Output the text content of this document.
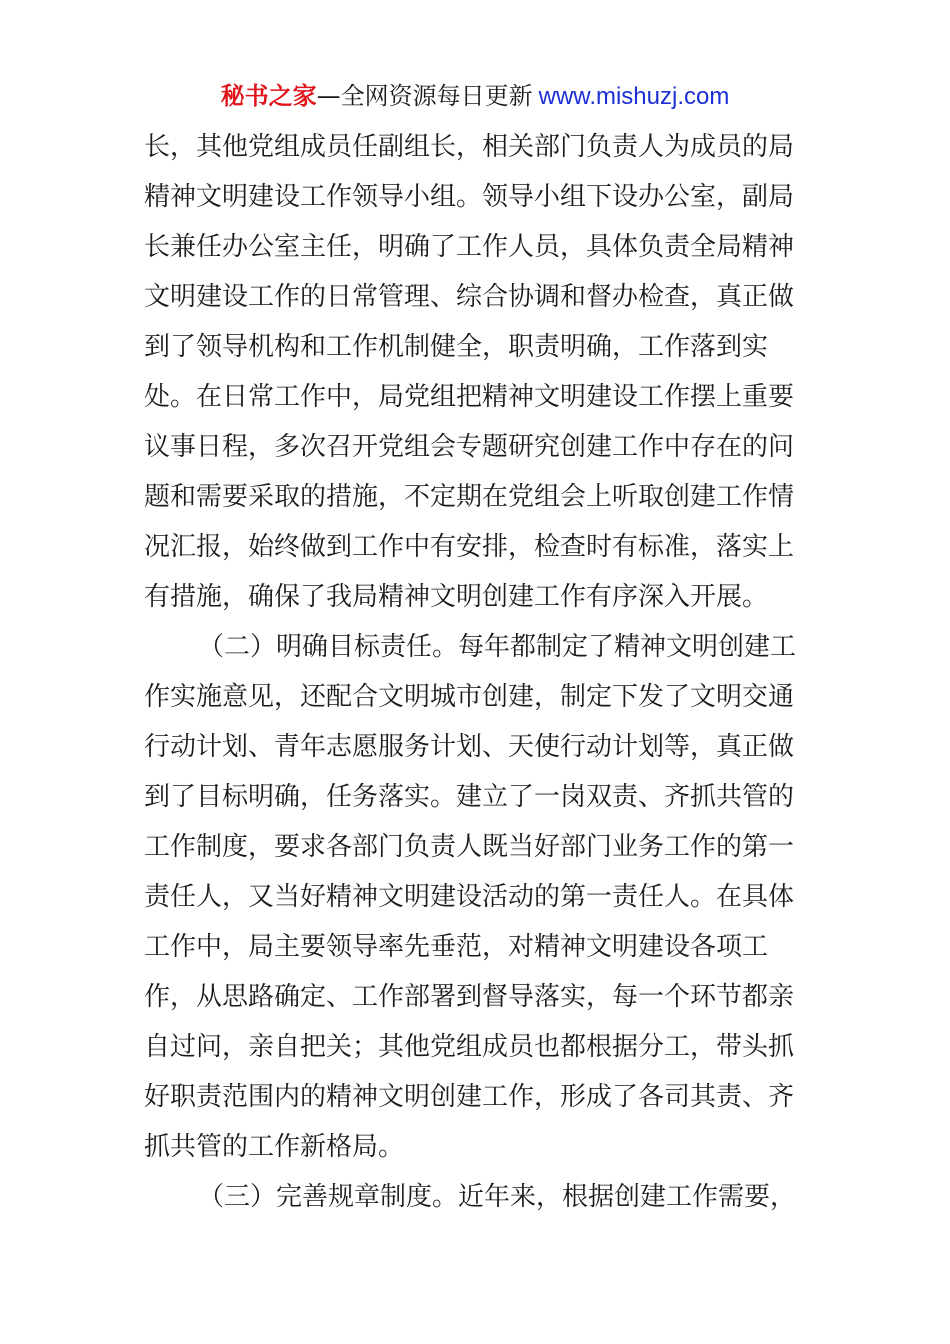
秘书之家—全网资源每日更新 www.mishuzj.com
长，其他党组成员任副组长，相关部门负责人为成员的局
精神文明建设工作领导小组。领导小组下设办公室，副局
长兼任办公室主任，明确了工作人员，具体负责全局精神
文明建设工作的日常管理、综合协调和督办检查，真正做
到了领导机构和工作机制健全，职责明确，工作落到实
处。在日常工作中，局党组把精神文明建设工作摆上重要
议事日程，多次召开党组会专题研究创建工作中存在的问
题和需要采取的措施，不定期在党组会上听取创建工作情
况汇报，始终做到工作中有安排，检查时有标准，落实上
有措施，确保了我局精神文明创建工作有序深入开展。
（二）明确目标责任。每年都制定了精神文明创建工
作实施意见，还配合文明城市创建，制定下发了文明交通
行动计划、青年志愿服务计划、天使行动计划等，真正做
到了目标明确，任务落实。建立了一岗双责、齐抓共管的
工作制度，要求各部门负责人既当好部门业务工作的第一
责任人，又当好精神文明建设活动的第一责任人。在具体
工作中，局主要领导率先垂范，对精神文明建设各项工
作，从思路确定、工作部署到督导落实，每一个环节都亲
自过问，亲自把关；其他党组成员也都根据分工，带头抓
好职责范围内的精神文明创建工作，形成了各司其责、齐
抓共管的工作新格局。
（三）完善规章制度。近年来，根据创建工作需要，
